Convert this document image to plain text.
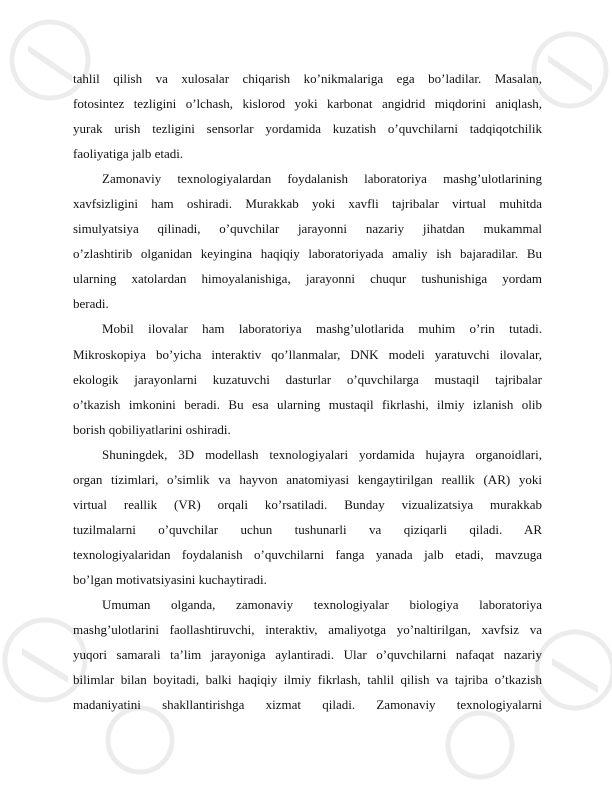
tahlil qilish va xulosalar chiqarish ko’nikmalariga ega bo’ladilar. Masalan,
fotosintez tezligini o’lchash, kislorod yoki karbonat angidrid miqdorini aniqlash,
yurak urish tezligini sensorlar yordamida kuzatish o’quvchilarni tadqiqotchilik
faoliyatiga jalb etadi.
Zamonaviy texnologiyalardan foydalanish laboratoriya mashg’ulotlarining
xavfsizligini ham oshiradi. Murakkab yoki xavfli tajribalar virtual muhitda
simulyatsiya qilinadi, o’quvchilar jarayonni nazariy jihatdan mukammal
o’zlashtirib olganidan keyingina haqiqiy laboratoriyada amaliy ish bajaradilar. Bu
ularning xatolardan himoyalanishiga, jarayonni chuqur tushunishiga yordam
beradi.
Mobil ilovalar ham laboratoriya mashg’ulotlarida muhim o’rin tutadi.
Mikroskopiya bo’yicha interaktiv qo’llanmalar, DNK modeli yaratuvchi ilovalar,
ekologik jarayonlarni kuzatuvchi dasturlar o’quvchilarga mustaqil tajribalar
o’tkazish imkonini beradi. Bu esa ularning mustaqil fikrlashi, ilmiy izlanish olib
borish qobiliyatlarini oshiradi.
Shuningdek, 3D modellash texnologiyalari yordamida hujayra organoidlari,
organ tizimlari, o’simlik va hayvon anatomiyasi kengaytirilgan reallik (AR) yoki
virtual reallik (VR) orqali ko’rsatiladi. Bunday vizualizatsiya murakkab
tuzilmalarni o’quvchilar uchun tushunarli va qiziqarli qiladi. AR
texnologiyalaridan foydalanish o’quvchilarni fanga yanada jalb etadi, mavzuga
bo’lgan motivatsiyasini kuchaytiradi.
Umuman olganda, zamonaviy texnologiyalar biologiya laboratoriya
mashg’ulotlarini faollashtiruvchi, interaktiv, amaliyotga yo’naltirilgan, xavfsiz va
yuqori samarali ta’lim jarayoniga aylantiradi. Ular o’quvchilarni nafaqat nazariy
bilimlar bilan boyitadi, balki haqiqiy ilmiy fikrlash, tahlil qilish va tajriba o’tkazish
madaniyatini shakllantirishga xizmat qiladi. Zamonaviy texnologiyalarni
